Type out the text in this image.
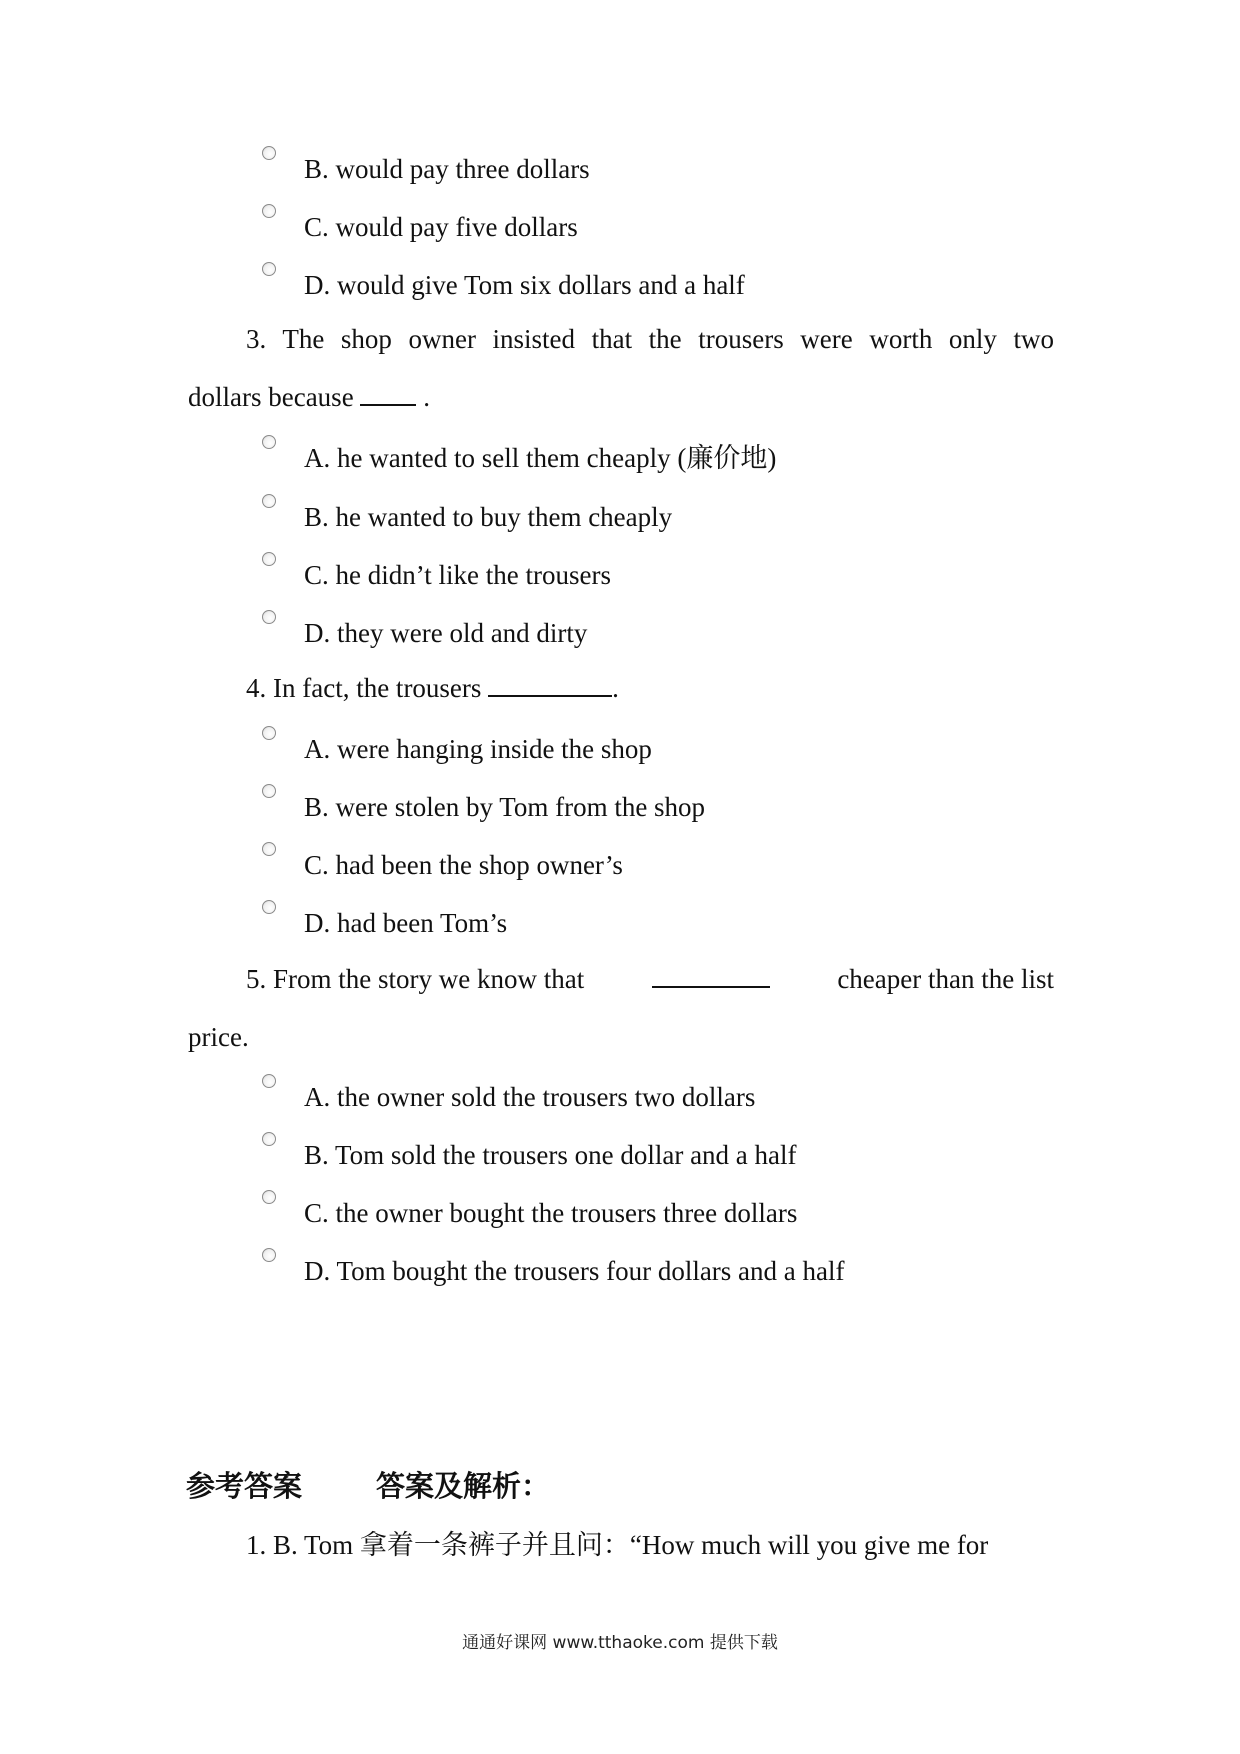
B. would pay three dollars
C. would pay five dollars
D. would give Tom six dollars and a half
3. The shop owner insisted that the trousers were worth only two
dollars because	.
A. he wanted to sell them cheaply (廉价地)
B. he wanted to buy them cheaply
C. he didn’t like the trousers
D. they were old and dirty
4. In fact, the trousers	.
A. were hanging inside the shop
B. were stolen by Tom from the shop
C. had been the shop owner’s
D. had been Tom’s
5. From the story we know that	cheaper than the list
price.
A. the owner sold the trousers two dollars
B. Tom sold the trousers one dollar and a half
C. the owner bought the trousers three dollars
D. Tom bought the trousers four dollars and a half
参考答案	答案及解析：
1. B. Tom 拿着一条裤子并且问：“How much will you give me for
通通好课网 www.tthaoke.com 提供下载
